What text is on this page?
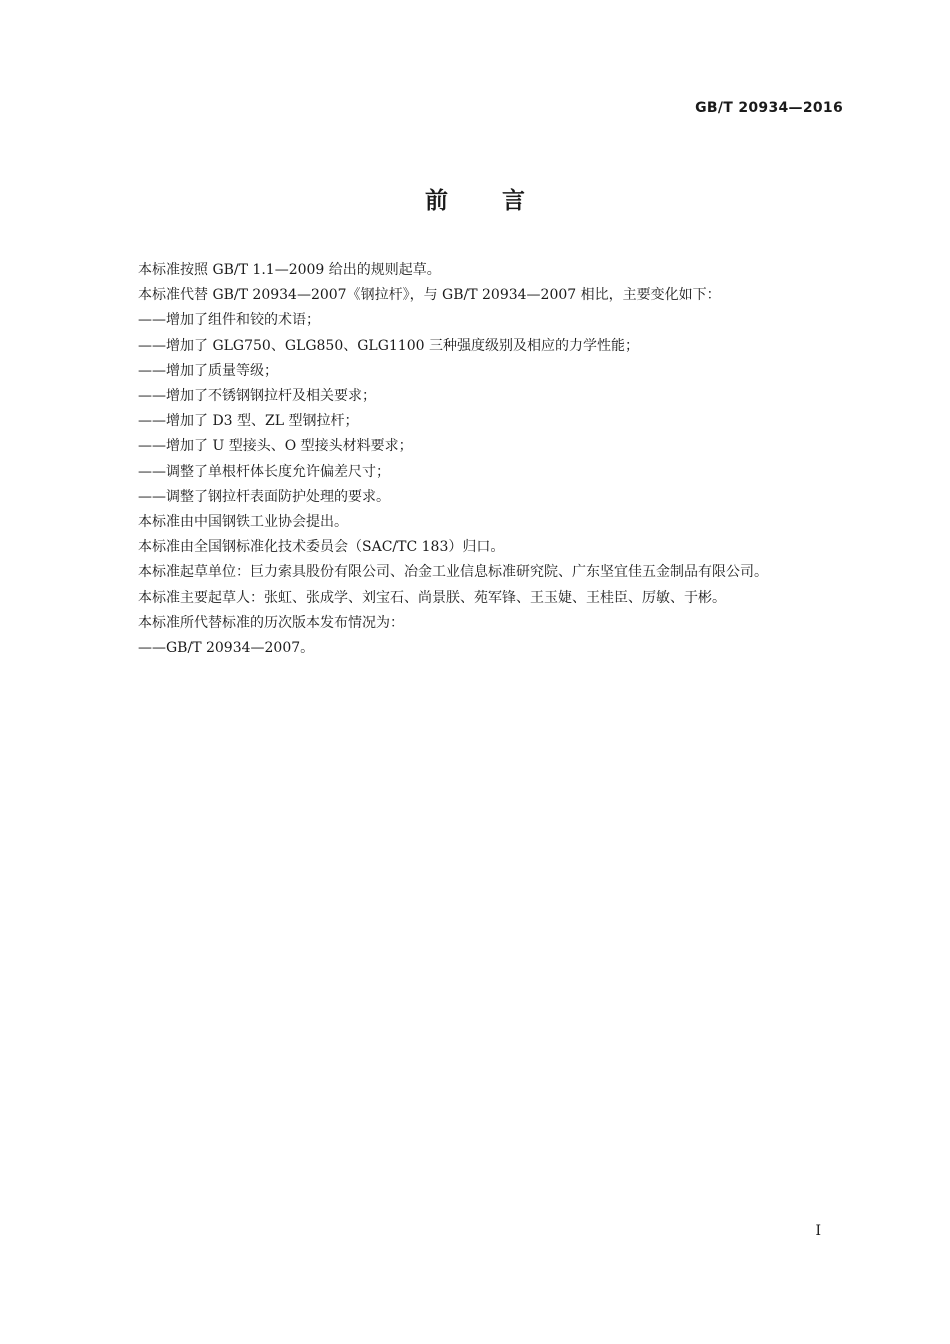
GB/T 20934—2016
前言

本标准按照 GB/T 1.1—2009 给出的规则起草。

本标准代替 GB/T 20934—2007《钢拉杆》，与 GB/T 20934—2007 相比，主要变化如下：

——增加了组件和铰的术语；

——增加了 GLG750、GLG850、GLG1100 三种强度级别及相应的力学性能；

——增加了质量等级；

——增加了不锈钢钢拉杆及相关要求；

——增加了 D3 型、ZL 型钢拉杆；

——增加了 U 型接头、O 型接头材料要求；

——调整了单根杆体长度允许偏差尺寸；

——调整了钢拉杆表面防护处理的要求。

本标准由中国钢铁工业协会提出。

本标准由全国钢标准化技术委员会（SAC/TC 183）归口。

本标准起草单位：巨力索具股份有限公司、冶金工业信息标准研究院、广东坚宜佳五金制品有限公司。

本标准主要起草人：张虹、张成学、刘宝石、尚景朕、苑军锋、王玉婕、王桂臣、厉敏、于彬。

本标准所代替标准的历次版本发布情况为：

——GB/T 20934—2007。

I
